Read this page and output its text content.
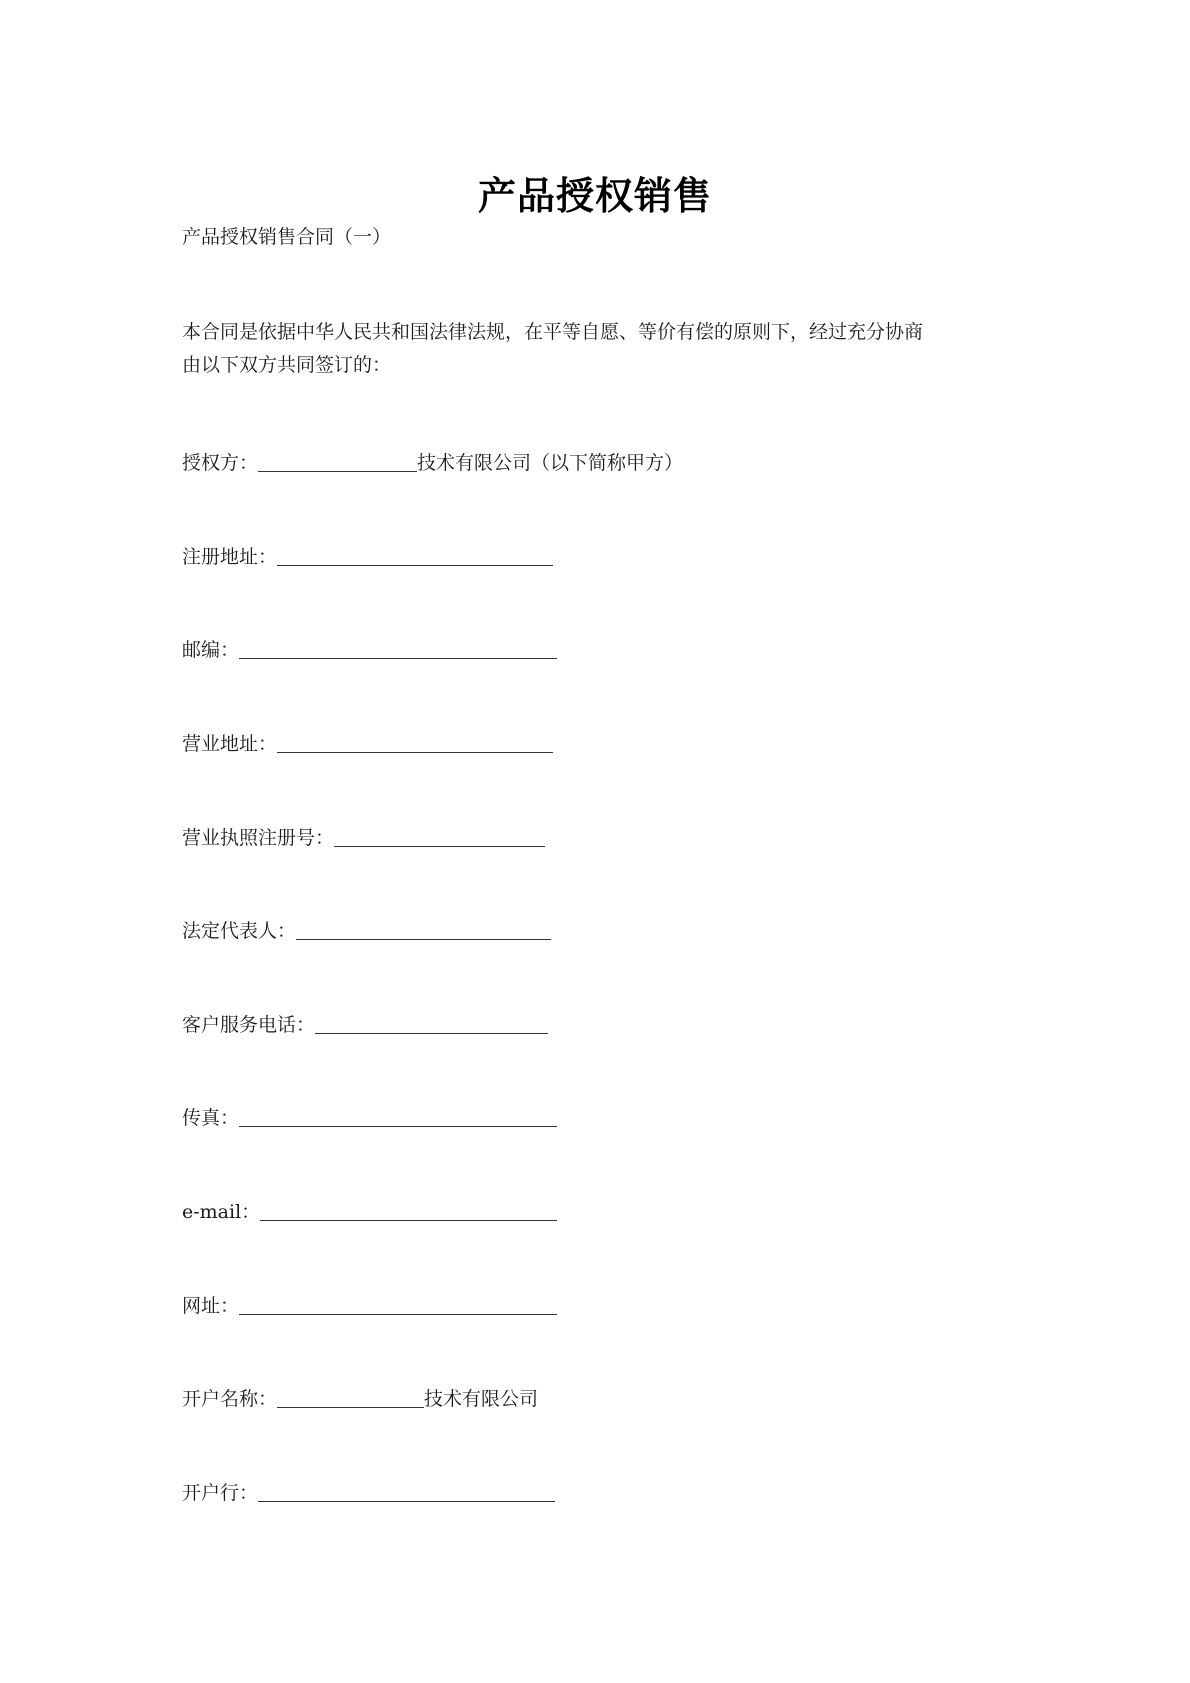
产品授权销售
产品授权销售合同（一）
本合同是依据中华人民共和国法律法规，在平等自愿、等价有偿的原则下，经过充分协商
由以下双方共同签订的：
授权方：	技术有限公司（以下简称甲方）
注册地址：
邮编：
营业地址：
营业执照注册号：
法定代表人：
客户服务电话：
传真：
e-mail：
网址：
开户名称：	技术有限公司
开户行：
